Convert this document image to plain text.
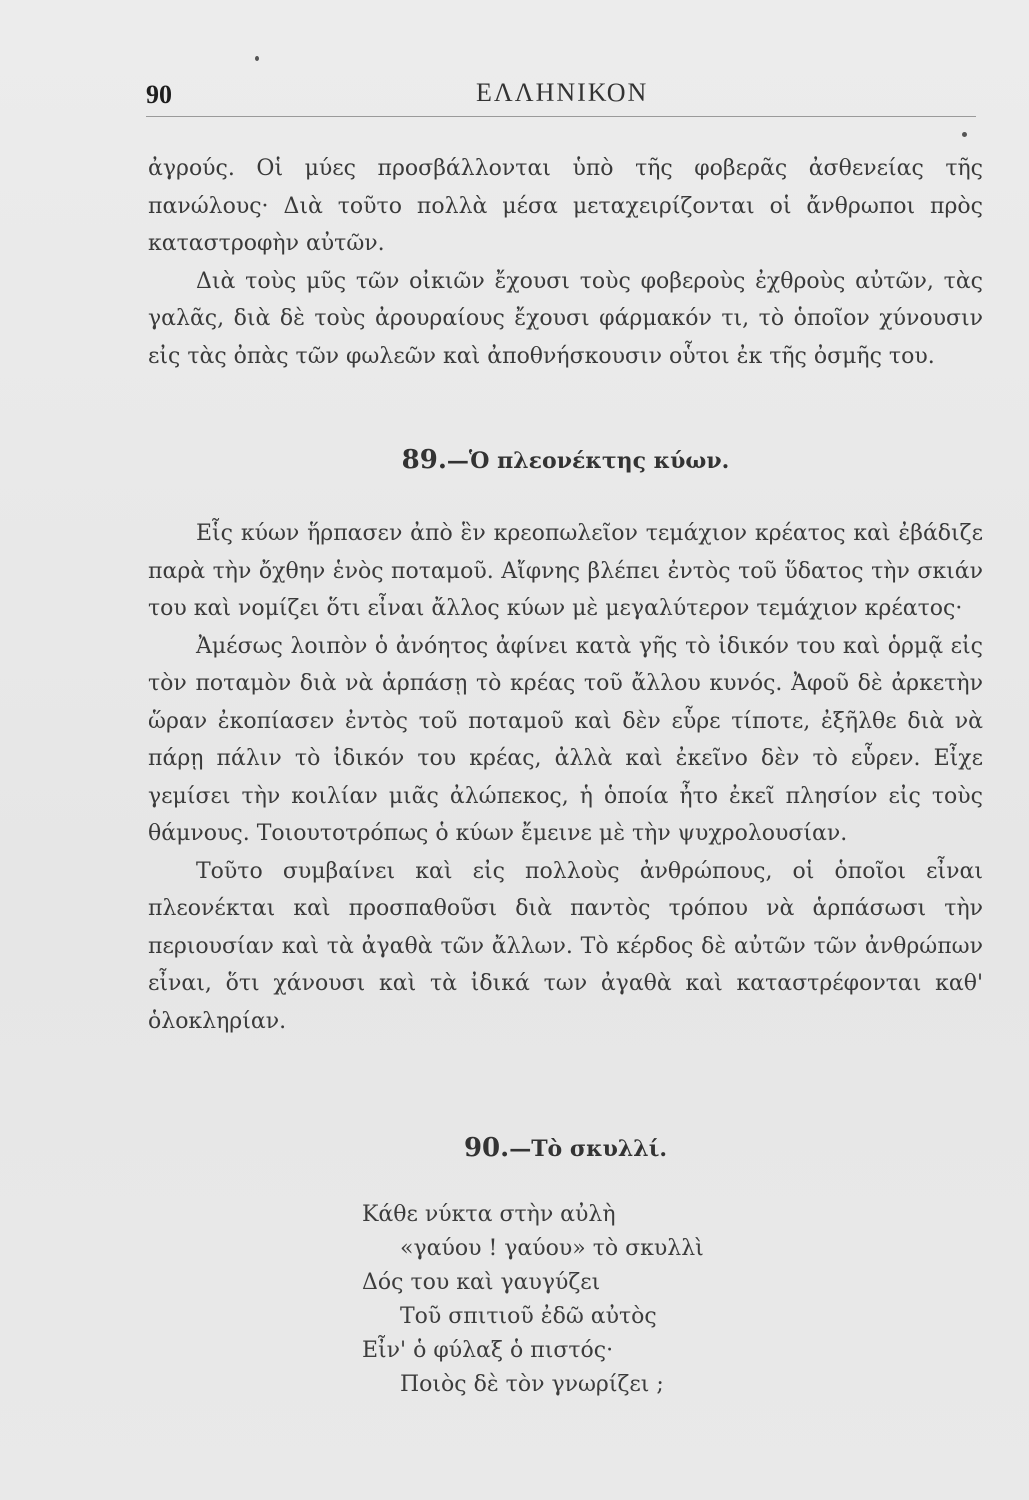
90	ΕΛΛΗΝΙΚΟΝ

ἀγρούς. Οἱ μύες προσβάλλονται ὑπὸ τῆς φοβερᾶς ἀσθενείας τῆς πανώλους· Διὰ τοῦτο πολλὰ μέσα μεταχειρίζονται οἱ ἄνθρωποι πρὸς καταστροφὴν αὐτῶν.

Διὰ τοὺς μῦς τῶν οἰκιῶν ἔχουσι τοὺς φοβεροὺς ἐχθροὺς αὐτῶν, τὰς γαλᾶς, διὰ δὲ τοὺς ἀρουραίους ἔχουσι φάρμακόν τι, τὸ ὁποῖον χύνουσιν εἰς τὰς ὀπὰς τῶν φωλεῶν καὶ ἀποθνήσκουσιν οὗτοι ἐκ τῆς ὀσμῆς του.

89.—Ὁ πλεονέκτης κύων.

Εἷς κύων ἥρπασεν ἀπὸ ἓν κρεοπωλεῖον τεμάχιον κρέατος καὶ ἐβάδιζε παρὰ τὴν ὄχθην ἑνὸς ποταμοῦ. Αἴφνης βλέπει ἐντὸς τοῦ ὕδατος τὴν σκιάν του καὶ νομίζει ὅτι εἶναι ἄλλος κύων μὲ μεγαλύτερον τεμάχιον κρέατος·

Ἀμέσως λοιπὸν ὁ ἀνόητος ἀφίνει κατὰ γῆς τὸ ἰδικόν του καὶ ὁρμᾷ εἰς τὸν ποταμὸν διὰ νὰ ἁρπάσῃ τὸ κρέας τοῦ ἄλλου κυνός. Ἀφοῦ δὲ ἀρκετὴν ὥραν ἐκοπίασεν ἐντὸς τοῦ ποταμοῦ καὶ δὲν εὗρε τίποτε, ἐξῆλθε διὰ νὰ πάρῃ πάλιν τὸ ἰδικόν του κρέας, ἀλλὰ καὶ ἐκεῖνο δὲν τὸ εὗρεν. Εἶχε γεμίσει τὴν κοιλίαν μιᾶς ἀλώπεκος, ἡ ὁποία ἦτο ἐκεῖ πλησίον εἰς τοὺς θάμνους. Τοιουτοτρόπως ὁ κύων ἔμεινε μὲ τὴν ψυχρολουσίαν.

Τοῦτο συμβαίνει καὶ εἰς πολλοὺς ἀνθρώπους, οἱ ὁποῖοι εἶναι πλεονέκται καὶ προσπαθοῦσι διὰ παντὸς τρόπου νὰ ἁρπάσωσι τὴν περιουσίαν καὶ τὰ ἀγαθὰ τῶν ἄλλων. Τὸ κέρδος δὲ αὐτῶν τῶν ἀνθρώπων εἶναι, ὅτι χάνουσι καὶ τὰ ἰδικά των ἀγαθὰ καὶ καταστρέφονται καθ' ὁλοκληρίαν.

90.—Τὸ σκυλλί.
Κάθε νύκτα στὴν αὐλὴ
«γαύου ! γαύου» τὸ σκυλλὶ
Δός του καὶ γαυγύζει
Τοῦ σπιτιοῦ ἐδῶ αὐτὸς
Εἶν' ὁ φύλαξ ὁ πιστός·
Ποιὸς δὲ τὸν γνωρίζει ;
